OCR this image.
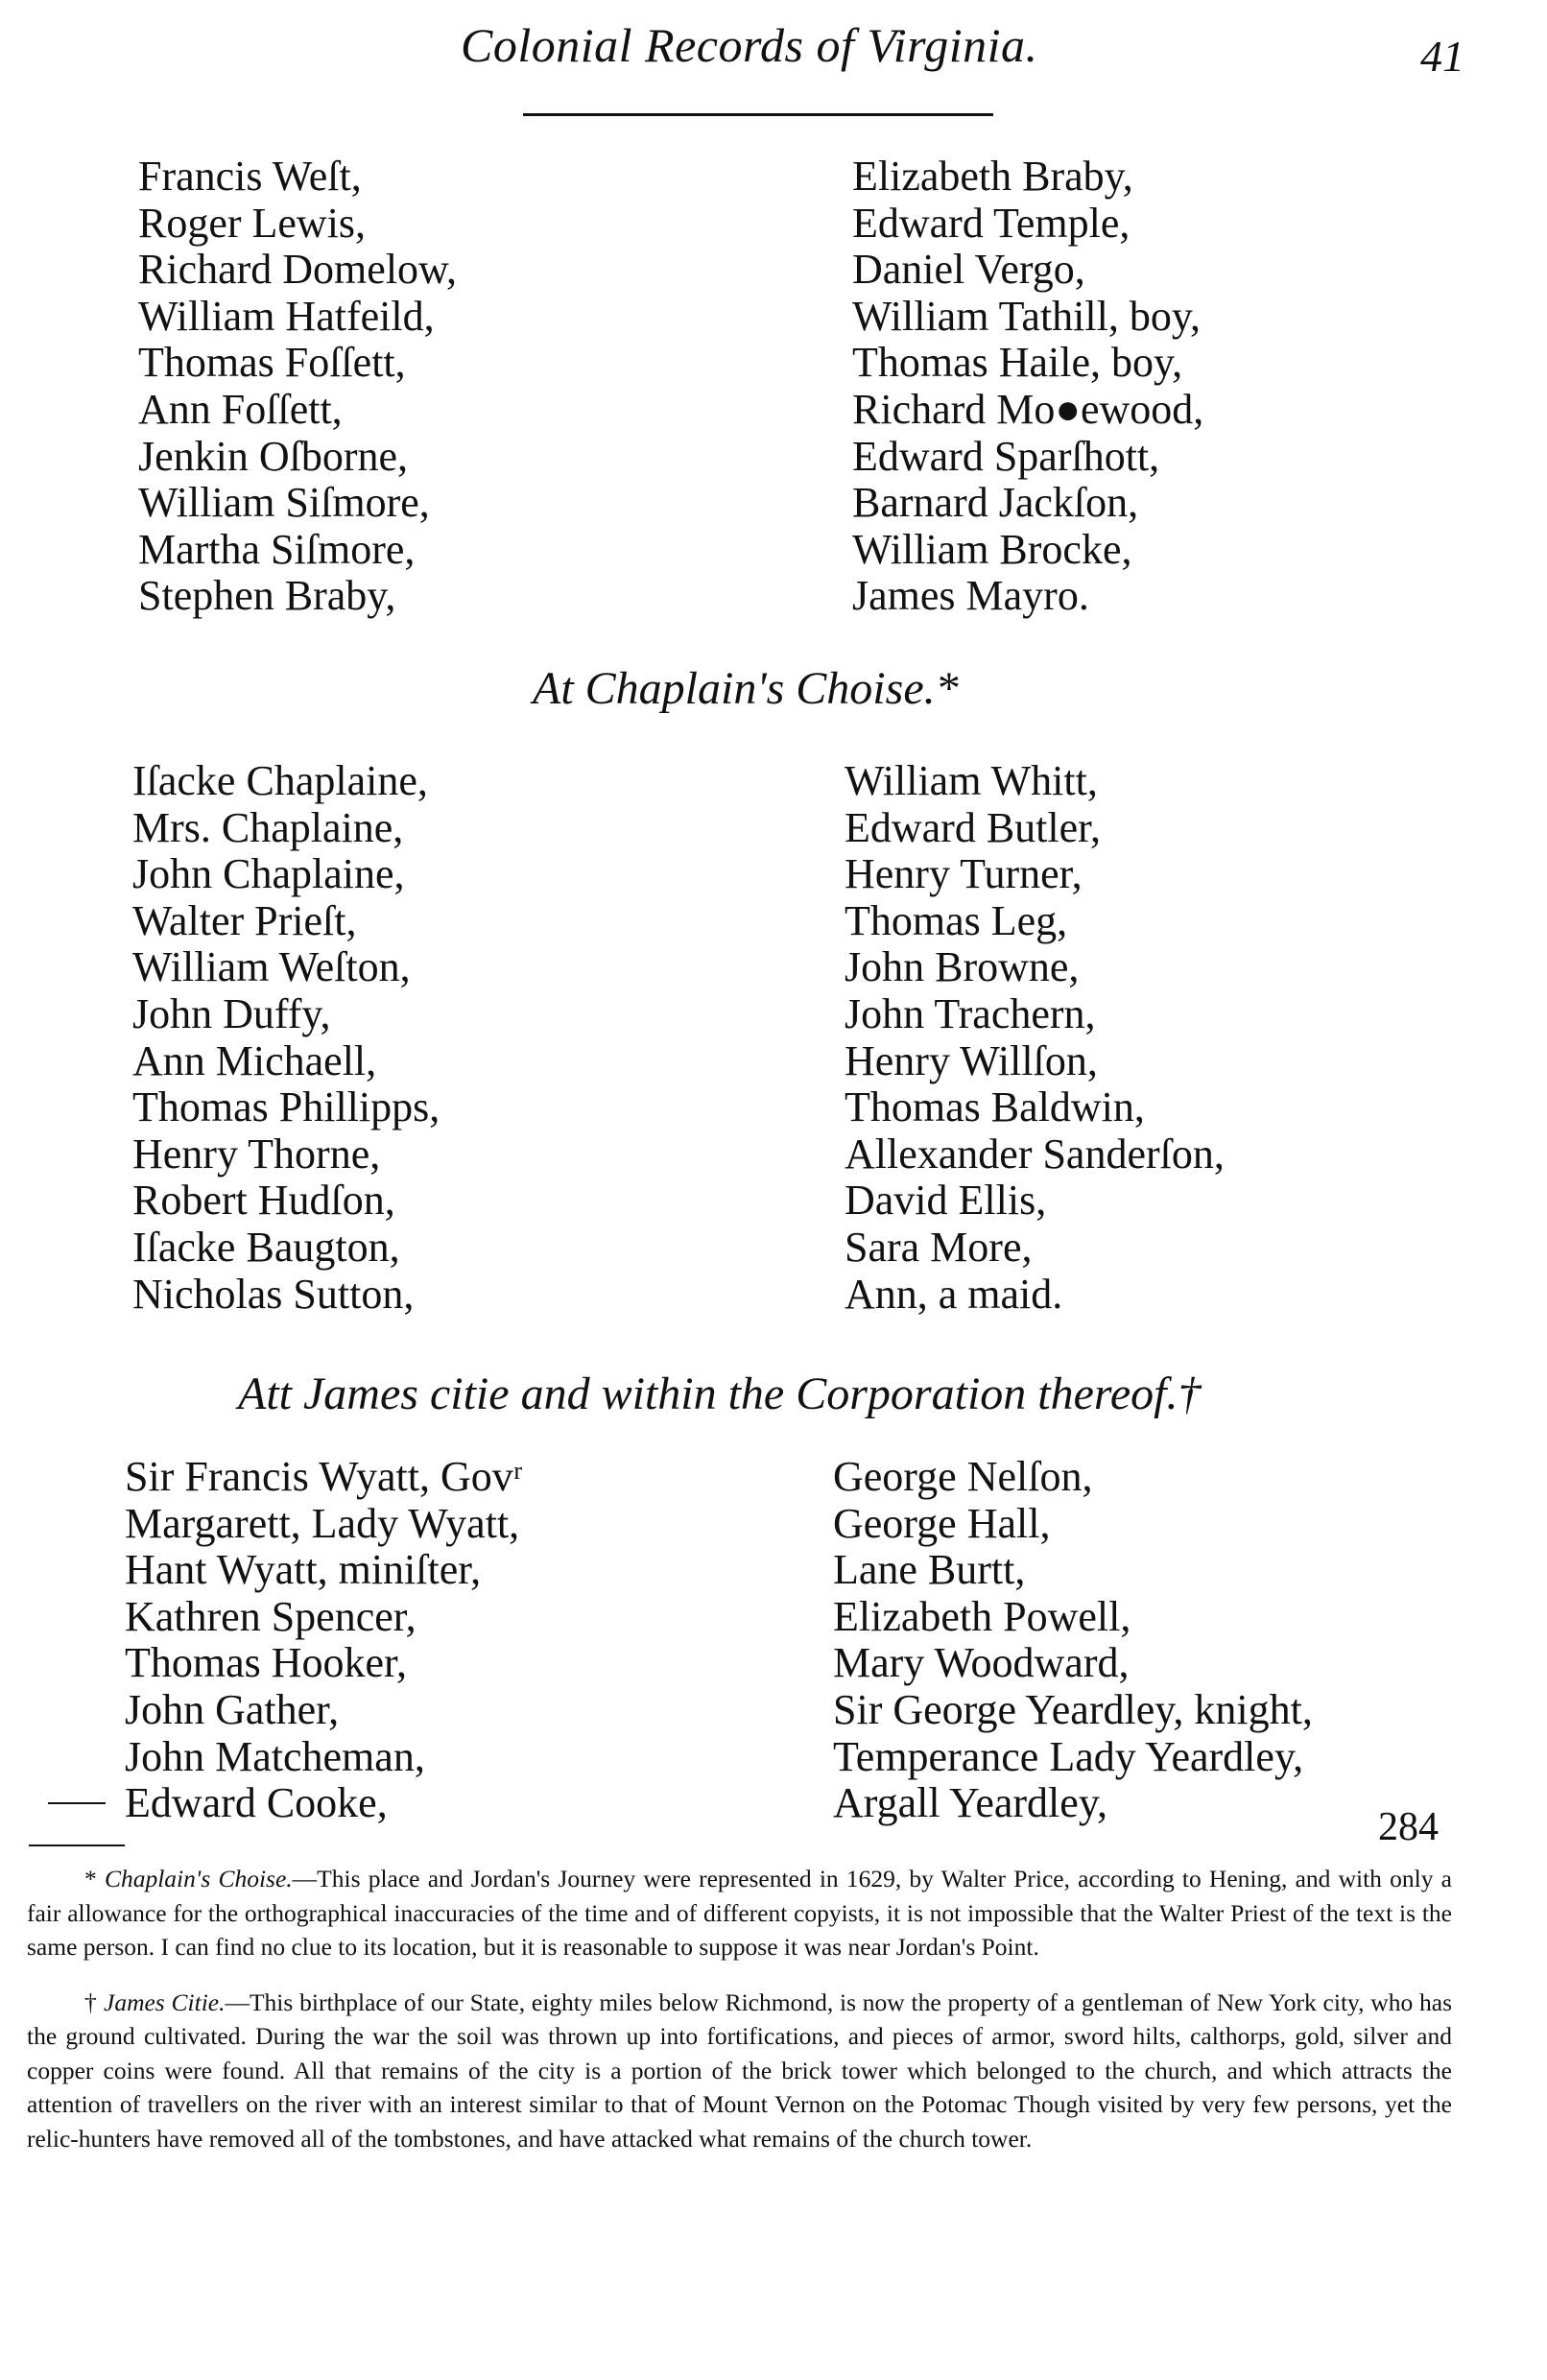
Colonial Records of Virginia.	41
Francis Weſt,
Roger Lewis,
Richard Domelow,
William Hatfeild,
Thomas Foſſett,
Ann Foſſett,
Jenkin Oſborne,
William Siſmore,
Martha Siſmore,
Stephen Braby,
Elizabeth Braby,
Edward Temple,
Daniel Vergo,
William Tathill, boy,
Thomas Haile, boy,
Richard Mo●ewood,
Edward Sparſhott,
Barnard Jackſon,
William Brocke,
James Mayro.
At Chaplain's Choise.*
Iſacke Chaplaine,
Mrs. Chaplaine,
John Chaplaine,
Walter Prieſt,
William Weſton,
John Duffy,
Ann Michaell,
Thomas Phillipps,
Henry Thorne,
Robert Hudſon,
Iſacke Baugton,
Nicholas Sutton,
William Whitt,
Edward Butler,
Henry Turner,
Thomas Leg,
John Browne,
John Trachern,
Henry Willſon,
Thomas Baldwin,
Allexander Sanderſon,
David Ellis,
Sara More,
Ann, a maid.
Att James citie and within the Corporation thereof.†
Sir Francis Wyatt, Govʳ
Margarett, Lady Wyatt,
Hant Wyatt, miniſter,
Kathren Spencer,
Thomas Hooker,
John Gather,
John Matcheman,
Edward Cooke,
George Nelſon,
George Hall,
Lane Burtt,
Elizabeth Powell,
Mary Woodward,
Sir George Yeardley, knight,
Temperance Lady Yeardley,
Argall Yeardley,
284

* Chaplain's Choise.—This place and Jordan's Journey were represented in 1629, by Walter Price, according to Hening, and with only a fair allowance for the orthographical inaccuracies of the time and of different copyists, it is not impossible that the Walter Priest of the text is the same person. I can find no clue to its location, but it is reasonable to suppose it was near Jordan's Point.

† James Citie.—This birthplace of our State, eighty miles below Richmond, is now the property of a gentleman of New York city, who has the ground cultivated. During the war the soil was thrown up into fortifications, and pieces of armor, sword hilts, calthorps, gold, silver and copper coins were found. All that remains of the city is a portion of the brick tower which belonged to the church, and which attracts the attention of travellers on the river with an interest similar to that of Mount Vernon on the Potomac Though visited by very few persons, yet the relic-hunters have removed all of the tombstones, and have attacked what remains of the church tower.
